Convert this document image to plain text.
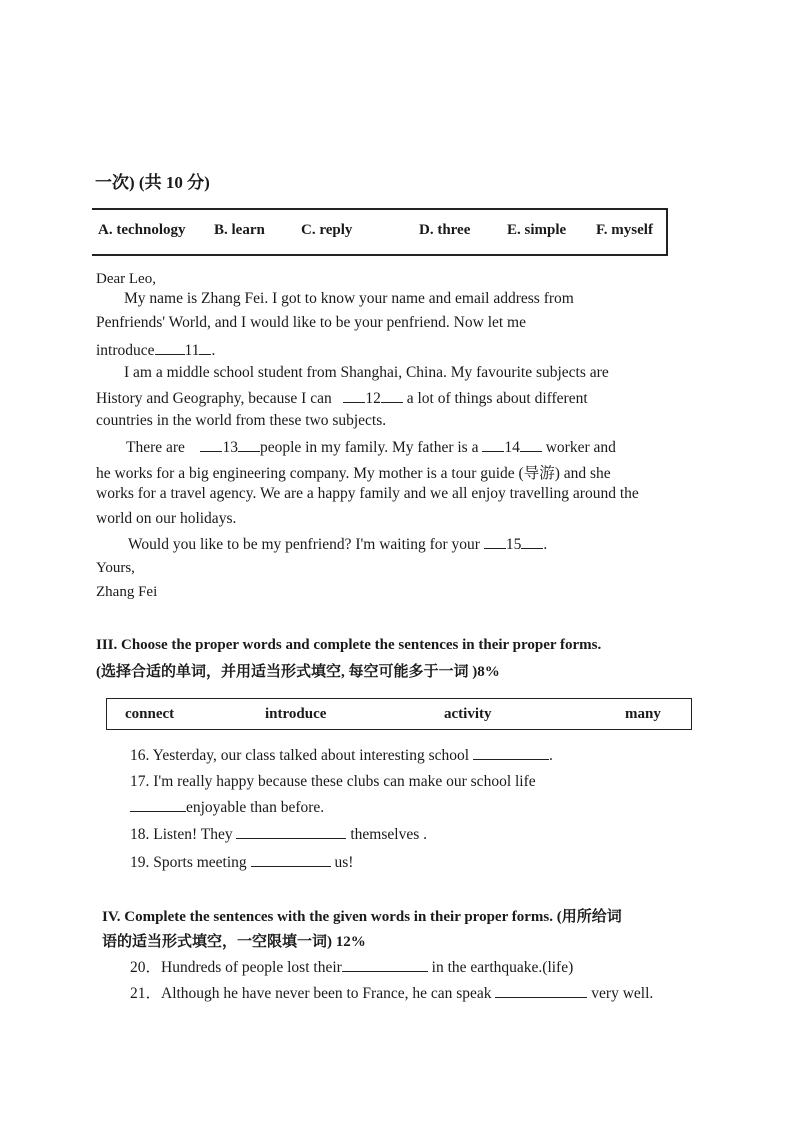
一次) (共 10 分)
A. technology B. learn C. reply	D. three E. simple F. myself
Dear Leo,
My name is Zhang Fei. I got to know your name and email address from
Penfriends' World, and I would like to be your penfriend. Now let me
introduce 11 .
I am a middle school student from Shanghai, China. My favourite subjects are
History and Geography, because I can 12 a lot of things about different
countries in the world from these two subjects.
There are 13 people in my family. My father is a 14 worker and
he works for a big engineering company. My mother is a tour guide (导游) and she
works for a travel agency. We are a happy family and we all enjoy travelling around the
world on our holidays.
Would you like to be my penfriend? I'm waiting for your 15 .
Yours,
Zhang Fei
III. Choose the proper words and complete the sentences in their proper forms.
(选择合适的单词，并用适当形式填空, 每空可能多于一词 )8%
connect	introduce	activity	many
16. Yesterday, our class talked about interesting school	.
17. I'm really happy because these clubs can make our school life
enjoyable than before.
18. Listen! They	themselves .
19. Sports meeting	us!
IV. Complete the sentences with the given words in their proper forms. (用所给词
语的适当形式填空，一空限填一词) 12%
20．Hundreds of people lost their	in the earthquake.(life)
21．Although he have never been to France, he can speak	very well.
